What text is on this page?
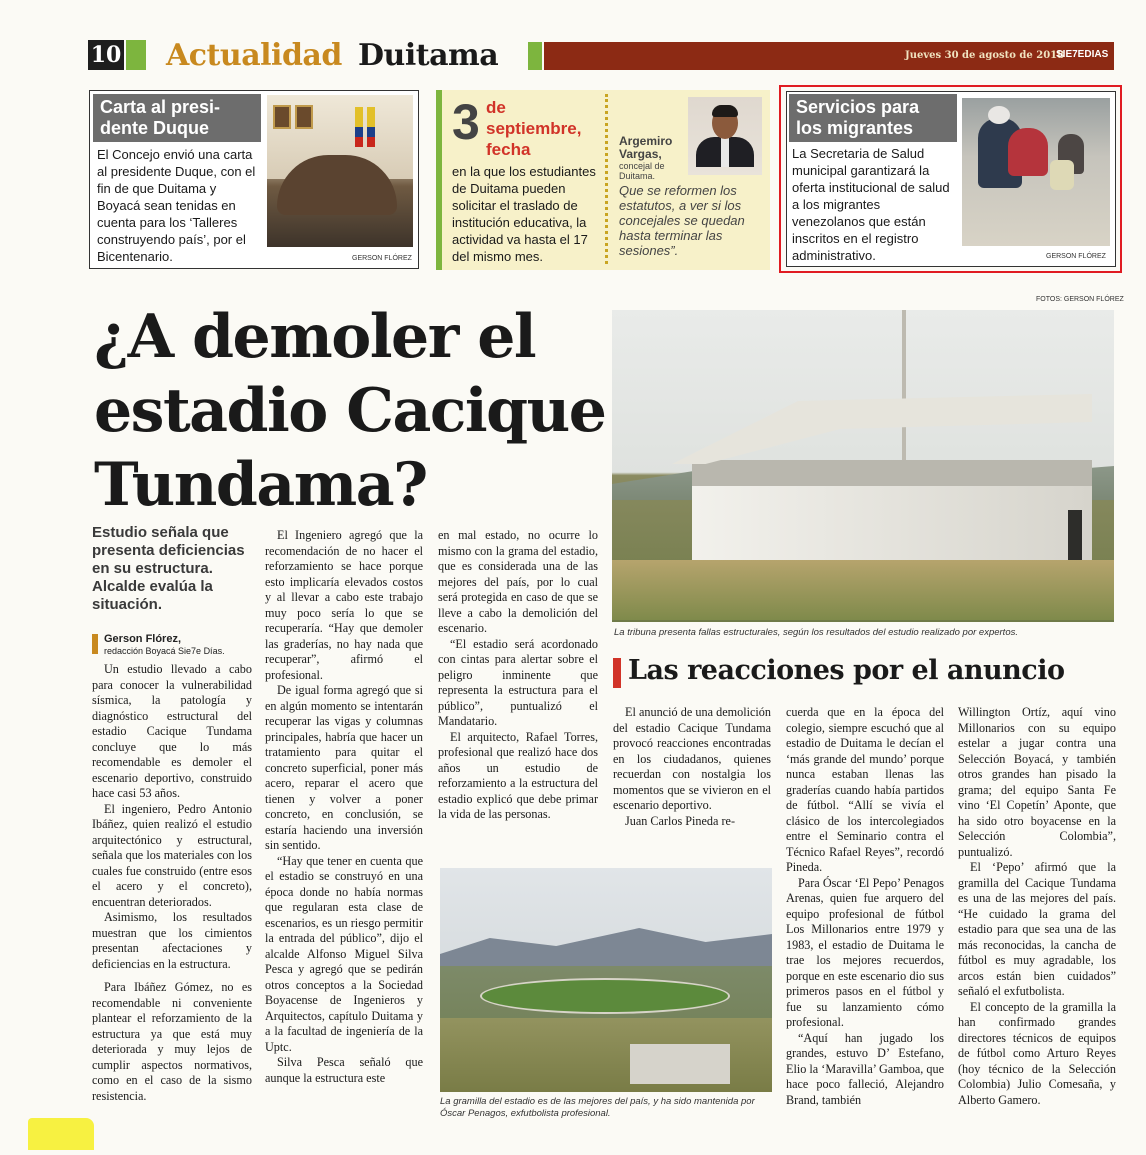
10 Actualidad Duitama	Jueves 30 de agosto de 2018
SIE7EDIAS
Carta al presi-
dente Duque
El Concejo envió una carta al presidente Duque, con el fin de que Duitama y Boyacá sean tenidas en cuenta para los ‘Talleres construyendo país’, por el Bicentenario.	GERSON FLÓREZ
3 de
septiembre,
fecha
en la que los estudiantes de Duitama pueden solicitar el traslado de institución educativa, la actividad va hasta el 17 del mismo mes.
Argemiro
Vargas,
concejal de
Duitama.
Que se reformen los estatutos, a ver si los concejales se quedan hasta terminar las sesiones”.
Servicios para
los migrantes
La Secretaria de Salud municipal garantizará la oferta institucional de salud a los migrantes venezolanos que están inscritos en el registro administrativo.	GERSON FLÓREZ
FOTOS: GERSON FLÓREZ
¿A demoler el
estadio Cacique
Tundama?
Estudio señala que presenta deficiencias en su estructura. Alcalde evalúa la situación.
Gerson Flórez,
redacción Boyacá Sie7e Días.

Un estudio llevado a cabo para conocer la vulnerabilidad sísmica, la patología y diagnóstico estructural del estadio Cacique Tundama concluye que lo más recomendable es demoler el escenario deportivo, construido hace casi 53 años.

El ingeniero, Pedro Antonio Ibáñez, quien realizó el estudio arquitectónico y estructural, señala que los materiales con los cuales fue construido (entre esos el acero y el concreto), encuentran deteriorados.

Asimismo, los resultados muestran que los cimientos presentan afectaciones y deficiencias en la estructura.

Para Ibáñez Gómez, no es recomendable ni conveniente plantear el reforzamiento de la estructura ya que está muy deteriorada y muy lejos de cumplir aspectos normativos, como en el caso de la sismo resistencia.

El Ingeniero agregó que la recomendación de no hacer el reforzamiento se hace porque esto implicaría elevados costos y al llevar a cabo este trabajo muy poco sería lo que se recuperaría. “Hay que demoler las graderías, no hay nada que recuperar”, afirmó el profesional.

De igual forma agregó que si en algún momento se intentarán recuperar las vigas y columnas principales, habría que hacer un tratamiento para quitar el concreto superficial, poner más acero, reparar el acero que tienen y volver a poner concreto, en conclusión, se estaría haciendo una inversión sin sentido.

“Hay que tener en cuenta que el estadio se construyó en una época donde no había normas que regularan esta clase de escenarios, es un riesgo permitir la entrada del público”, dijo el alcalde Alfonso Miguel Silva Pesca y agregó que se pedirán otros conceptos a la Sociedad Boyacense de Ingenieros y Arquitectos, capítulo Duitama y a la facultad de ingeniería de la Uptc.

Silva Pesca señaló que aunque la estructura este

en mal estado, no ocurre lo mismo con la grama del estadio, que es considerada una de las mejores del país, por lo cual será protegida en caso de que se lleve a cabo la demolición del escenario.

“El estadio será acordonado con cintas para alertar sobre el peligro inminente que representa la estructura para el público”, puntualizó el Mandatario.

El arquitecto, Rafael Torres, profesional que realizó hace dos años un estudio de reforzamiento a la estructura del estadio explicó que debe primar la vida de las personas.

La tribuna presenta fallas estructurales, según los resultados del estudio realizado por expertos.
Las reacciones por el anuncio

El anunció de una demolición del estadio Cacique Tundama provocó reacciones encontradas en los ciudadanos, quienes recuerdan con nostalgia los momentos que se vivieron en el escenario deportivo.

Juan Carlos Pineda re-

cuerda que en la época del colegio, siempre escuchó que al estadio de Duitama le decían el ‘más grande del mundo’ porque nunca estaban llenas las graderías cuando había partidos de fútbol. “Allí se vivía el clásico de los intercolegiados entre el Seminario contra el Técnico Rafael Reyes”, recordó Pineda.

Para Óscar ‘El Pepo’ Penagos Arenas, quien fue arquero del equipo profesional de fútbol Los Millonarios entre 1979 y 1983, el estadio de Duitama le trae los mejores recuerdos, porque en este escenario dio sus primeros pasos en el fútbol y fue su lanzamiento cómo profesional.

“Aquí han jugado los grandes, estuvo D’ Estefano, Elio la ‘Maravilla’ Gamboa, que hace poco falleció, Alejandro Brand, también

Willington Ortíz, aquí vino Millonarios con su equipo estelar a jugar contra una Selección Boyacá, y también otros grandes han pisado la grama; del equipo Santa Fe vino ‘El Copetín’ Aponte, que ha sido otro boyacense en la Selección Colombia”, puntualizó.

El ‘Pepo’ afirmó que la gramilla del Cacique Tundama es una de las mejores del país. “He cuidado la grama del estadio para que sea una de las más reconocidas, la cancha de fútbol es muy agradable, los arcos están bien cuidados” señaló el exfutbolista.

El concepto de la gramilla la han confirmado grandes directores técnicos de equipos de fútbol como Arturo Reyes (hoy técnico de la Selección Colombia) Julio Comesaña, y Alberto Gamero.

La gramilla del estadio es de las mejores del país, y ha sido mantenida por Óscar Penagos, exfutbolista profesional.
